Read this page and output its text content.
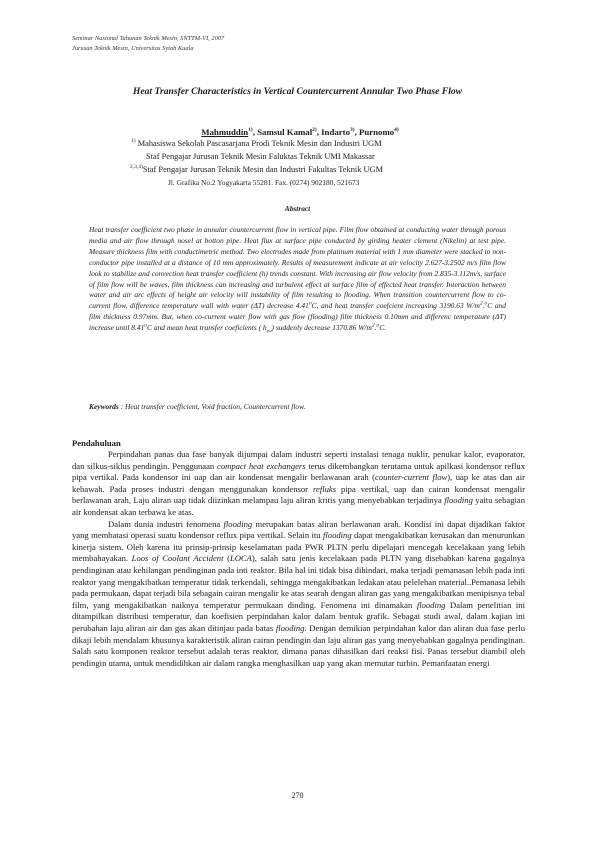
Seminar Nasional Tahunan Teknik Mesin, SNTTM-VI, 2007
Jurusan Teknik Mesin, Universitas Syiah Kuala
Heat Transfer Characteristics in Vertical Countercurrent Annular Two Phase Flow
Mahmuddin$^{1)}$, Samsul Kamal$^{2)}$, Indarto$^{3)}$, Purnomo$^{4)}$
$^{1)}$ Mahasiswa Sekolah Pascasarjana Prodi Teknik Mesin dan Industri UGM
Staf Pengajar Jurusan Teknik Mesin Faluktas Teknik UMI Makassar
$^{2,3,4)}$Staf Pengajar Jurusan Teknik Mesin dan Industri Fakultas Teknik UGM
Jl. Grafika No.2 Yogyakarta 55281. Fax. (0274) 902180, 521673
Abstract
Heat transfer coefficient two phase in annular countercurrent flow in vertical pipe. Film flow obtained at conducting water through porous media and air flow through nosel at botton pipe. Heat flux at surface pipe conducted by girding heater clement (Nikelin) at test pipe. Measure thickness film with conductimetric method. Two electrodes made from platinum material with 1 mm diameter were stacked to non-conductor pipe installed at a distance of 10 mm approximately. Results of measurement indicate at air velocity 2.627-3.2502 m/s film flow look to stabilize and convection heat transfer coefficient (h) trends constant. With increasing air flow velocity from 2.835-3.112m/s, surface of film flow will be waves, film thickness can increasing and turbulent effect at surface film of effected heat transfer. Interaction between water and air arc effects of height air velocity will instability of film resulting to flooding. When transition countercurrent flow to co-current flow, difference temperature wall with water (ΔT) decrease 4.41$^o$C, and heat transfer coefcient increasing 3190.63 $W/m^2.^oC$ and film thickness 0.97mm. But, when co-current water flow with gas flow (flooding) film thickness 0.10mm and differenc temperature (ΔT) increase until 8.41$^o$C and mean heat transfer coeficients ( $h_{ev}$) suddenly decrease 1370.86 $W/m^2.^oC$.
Keywords : Heat transfer coefficient, Void fraction, Countercurrent flow.
Pendahuluan

Perpindahan panas dua fase banyak dijumpai dalam industri seperti instalasi tenaga nuklir, penukar kalor, evaporator, dan silkus-siklus pendingin. Penggunaan compact heat exchangers terus dikembangkan terutama untuk apilkasi kondensor reflux pipa vertikal. Pada kondensor ini uap dan air kondensat mengalir berlawanan arah (counter-current flow), uap ke atas dan air kebawah. Pada proses industri dengan menggunakan kondensor refluks pipa vertikal, uap dan cairan kondensat mengalir berlawanan arah, Laju aliran uap tidak diizinkan melampau laju aliran kritis yang menyebabkan terjadinya flooding yaitu sebagian air kondensat akan terbawa ke atas.

Dalam dunia industri fenomena flooding merupakan batas aliran berlawanan arah. Kondisi ini dapat dijadikan faktor yang membatasi operasi suatu kondensor reflux pipa vertikal. Selain itu flooding dapat mengakibatkan kerusakan dan menurunkan kinerja sistem. Oleh karena itu prinsip-prinsip keselamatan pada PWR PLTN perlu dipelajari mencegah kecelakaan yang lebih membahayakan. Loos of Coolant Accident (LOCA), salah satu jenis kecelakaan pada PLTN yang disebabkan karena gagalnya pendinginan atau kehilangan pendinginan pada inti reaktor. Bila hal ini tidak bisa dihindari, maka terjadi pemanasan lebih pada inti reaktor yang mengakibatkan temperatur tidak terkendali, sehingga mengakibatkan ledakan atau pelelehan material..Pemanasa lebih pada permukaan, dapat terjadi bila sebagain cairan mengalir ke atas searah dengan aliran gas yang mengakibatkan menipisnya tebal film, yang mengakibatkan naiknya temperatur permukaan dinding. Fenomena ini dinamakan flooding Dalam penelitian ini ditampilkan distribusi temperatur, dan koefisien perpindahan kalor dalam bentuk grafik. Sebagai studi awal, dalam kajian ini perubahan laju aliran air dan gas akan ditinjau pada batas flooding. Dengan demikian perpindahan kalor dan aliran dua fase perlu dikaji lebih mendalam khusunya karakteristik aliran cairan pendingin dan laju aliran gas yang menyebabkan gagalnya pendinginan. Salah satu komponen reaktor tersebut adalah teras reaktor, dimana panas dihasilkan dari reaksi fisi. Panas tersebut diambil oleh pendingin utama, untuk mendidihkan air dalam rangka menghasilkan uap yang akan memutar turbin. Pemanfaatan energi

270
